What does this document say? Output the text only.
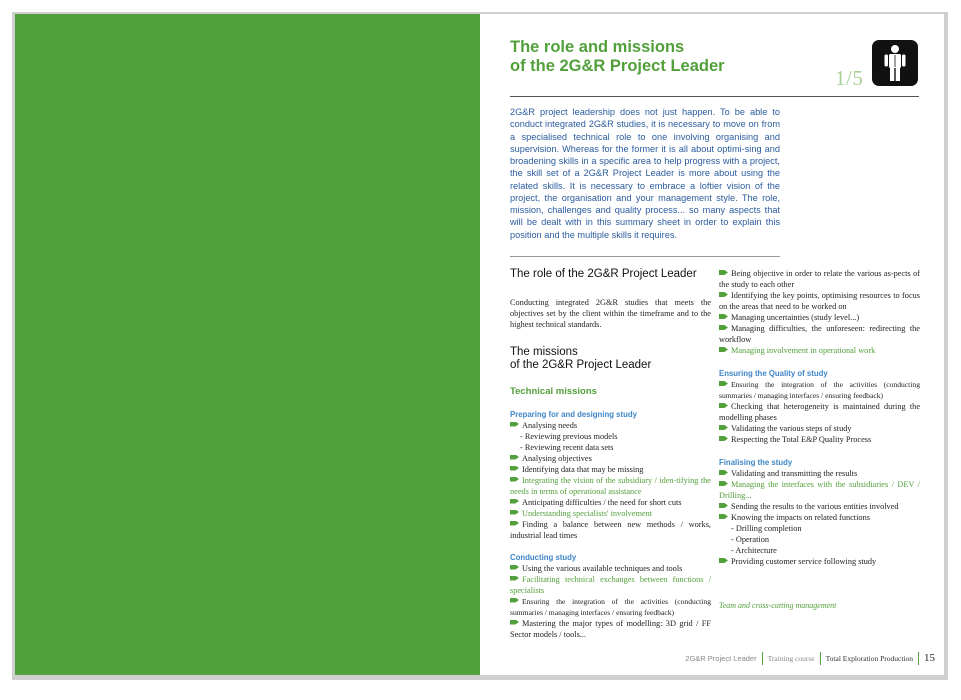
The role and missions
of the 2G&R Project Leader	1/5
2G&R project leadership does not just happen. To be able to conduct integrated 2G&R studies, it is necessary to move on from a specialised technical role to one involving organising and supervision. Whereas for the former it is all about optimi-sing and broadening skills in a specific area to help progress with a project, the skill set of a 2G&R Project Leader is more about using the related skills. It is necessary to embrace a loftier vision of the project, the organisation and your management style. The role, mission, challenges and quality process... so many aspects that will be dealt with in this summary sheet in order to explain this position and the multiple skills it requires.
The role of the 2G&R Project Leader
Conducting integrated 2G&R studies that meets the objectives set by the client within the timeframe and to the highest technical standards.
The missions
of the 2G&R Project Leader
Technical missions
Preparing for and designing study
Analysing needs
- Reviewing previous models
- Reviewing recent data sets
Analysing objectives
Identifying data that may be missing
Integrating the vision of the subsidiary / iden-tifying the needs in terms of operational assistance
Anticipating difficulties / the need for short cuts
Understanding specialists' involvement
Finding a balance between new methods / works, industrial lead times
Conducting study
Using the various available techniques and tools
Facilitating technical exchanges between functions / specialists
Ensuring the integration of the activities (conducting summaries / managing interfaces / ensuring feedback)
Mastering the major types of modelling: 3D grid / FF Sector models / tools...
Being objective in order to relate the various as-pects of the study to each other
Identifying the key points, optimising resources to focus on the areas that need to be worked on
Managing uncertainties (study level...)
Managing difficulties, the unforeseen: redirecting the workflow
Managing involvement in operational work
Ensuring the Quality of study
Ensuring the integration of the activities (conducting summaries / managing interfaces / ensuring feedback)
Checking that heterogeneity is maintained during the modelling phases
Validating the various steps of study
Respecting the Total E&P Quality Process
Finalising the study
Validating and transmitting the results
Managing the interfaces with the subsidiaries / DEV / Drilling...
Sending the results to the various entities involved
Knowing the impacts on related functions
- Drilling completion
- Operation
- Architecture
Providing customer service following study
Team and cross-cutting management
2G&R Project Leader Training course Total Exploration Production 15
